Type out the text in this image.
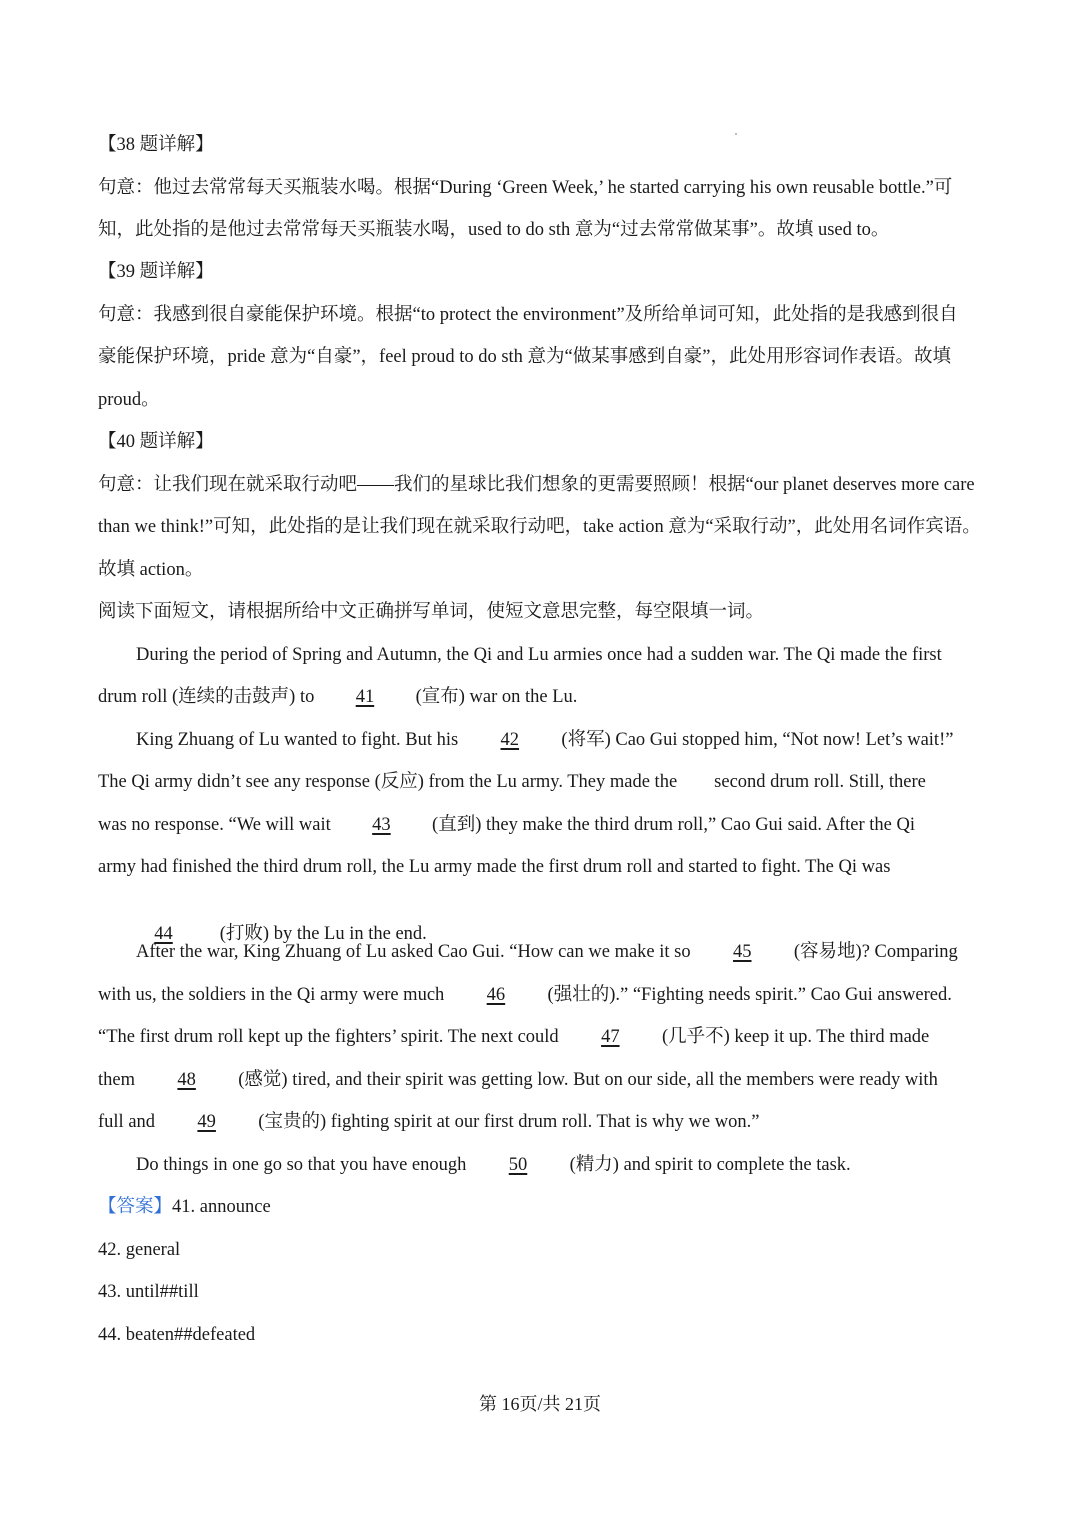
【38 题详解】
句意：他过去常常每天买瓶装水喝。根据“During ‘Green Week,’ he started carrying his own reusable bottle.”可
知，此处指的是他过去常常每天买瓶装水喝，used to do sth 意为“过去常常做某事”。故填 used to。
【39 题详解】
句意：我感到很自豪能保护环境。根据“to protect the environment”及所给单词可知，此处指的是我感到很自
豪能保护环境，pride 意为“自豪”，feel proud to do sth 意为“做某事感到自豪”，此处用形容词作表语。故填
proud。
【40 题详解】
句意：让我们现在就采取行动吧——我们的星球比我们想象的更需要照顾！根据“our planet deserves more care
than we think!”可知，此处指的是让我们现在就采取行动吧，take action 意为“采取行动”，此处用名词作宾语。
故填 action。
阅读下面短文，请根据所给中文正确拼写单词，使短文意思完整，每空限填一词。
During the period of Spring and Autumn, the Qi and Lu armies once had a sudden war. The Qi made the first
drum roll (连续的击鼓声) to 41 (宣布) war on the Lu.
King Zhuang of Lu wanted to fight. But his 42 (将军) Cao Gui stopped him, “Not now! Let’s wait!”
The Qi army didn’t see any response (反应) from the Lu army. They made the        second drum roll. Still, there
was no response. “We will wait 43 (直到) they make the third drum roll,” Cao Gui said. After the Qi
army had finished the third drum roll, the Lu army made the first drum roll and started to fight. The Qi was

44  (打败) by the Lu in the end.

After the war, King Zhuang of Lu asked Cao Gui. “How can we make it so 45 (容易地)? Comparing
with us, the soldiers in the Qi army were much 46 (强壮的).” “Fighting needs spirit.” Cao Gui answered.
“The first drum roll kept up the fighters’ spirit. The next could 47 (几乎不) keep it up. The third made
them 48 (感觉) tired, and their spirit was getting low. But on our side, all the members were ready with
full and 49 (宝贵的) fighting spirit at our first drum roll. That is why we won.”
Do things in one go so that you have enough 50 (精力) and spirit to complete the task.
【答案】41. announce
42. general
43. until##till
44. beaten##defeated
第 16页/共 21页
